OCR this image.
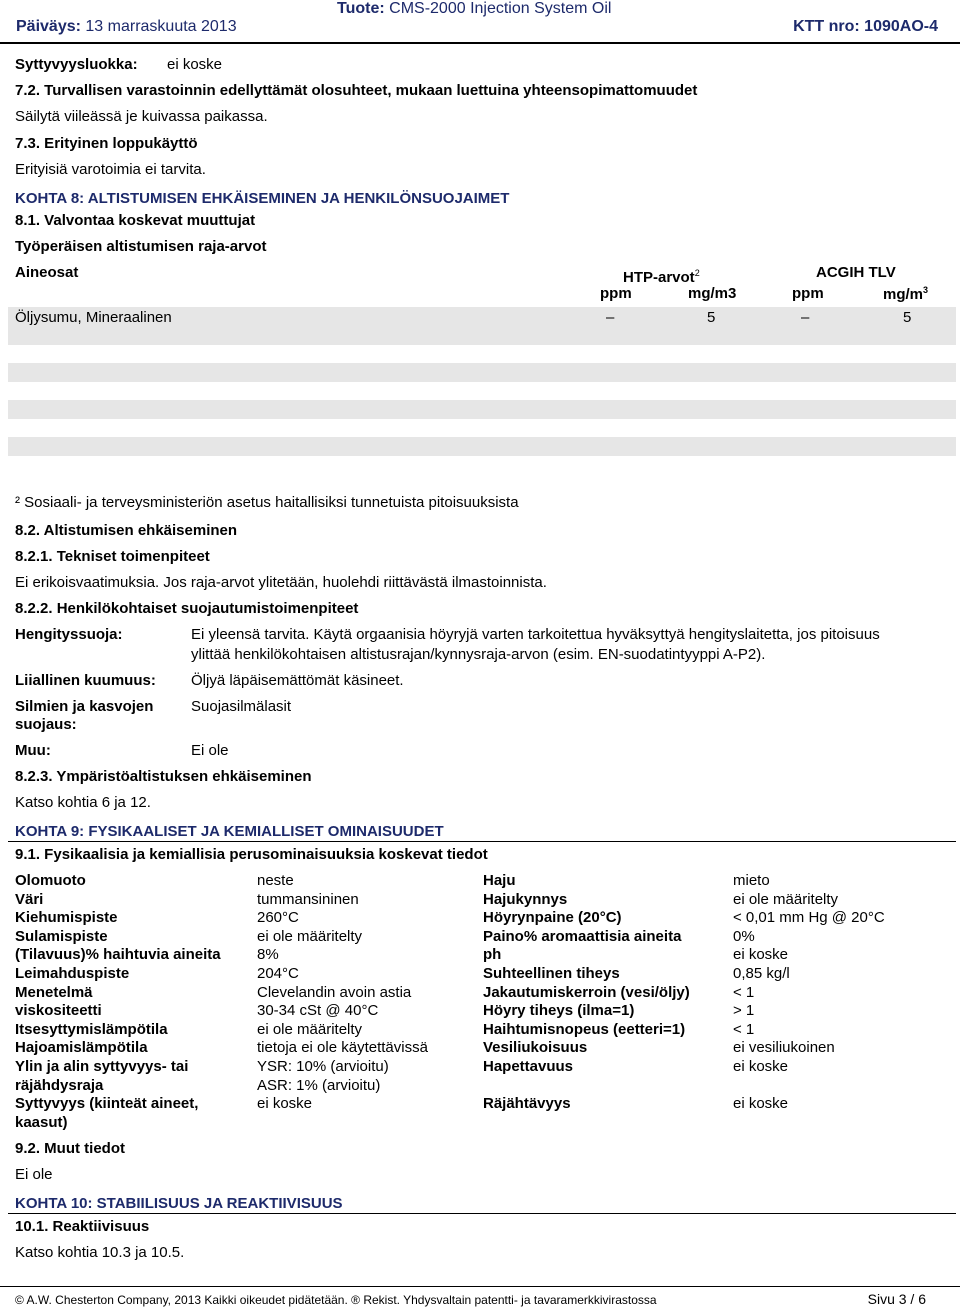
Päiväys: 13 marraskuuta 2013
Tuote: CMS-2000 Injection System Oil
KTT nro: 1090AO-4
Syttyvyysluokka: ei koske
7.2. Turvallisen varastoinnin edellyttämät olosuhteet, mukaan luettuina yhteensopimattomuudet
Säilytä viileässä je kuivassa paikassa.
7.3. Erityinen loppukäyttö
Erityisiä varotoimia ei tarvita.
KOHTA 8: ALTISTUMISEN EHKÄISEMINEN JA HENKILÖNSUOJAIMET
8.1. Valvontaa koskevat muuttujat
Työperäisen altistumisen raja-arvot
Aineosat	HTP-arvot$^2$	ACGIH TLV
ppm	mg/m3	ppm	$mg/m^3$
Öljysumu, Mineraalinen	–	5	–	5
² Sosiaali- ja terveysministeriön asetus haitallisiksi tunnetuista pitoisuuksista
8.2. Altistumisen ehkäiseminen
8.2.1. Tekniset toimenpiteet
Ei erikoisvaatimuksia. Jos raja-arvot ylitetään, huolehdi riittävästä ilmastoinnista.
8.2.2. Henkilökohtaiset suojautumistoimenpiteet
Hengityssuoja:	Ei yleensä tarvita. Käytä orgaanisia höyryjä varten tarkoitettua hyväksyttyä hengityslaitetta, jos pitoisuus
ylittää henkilökohtaisen altistusrajan/kynnysraja-arvon (esim. EN-suodatintyyppi A-P2).
Liiallinen kuumuus: Öljyä läpäisemättömät käsineet.
Silmien ja kasvojen
suojaus:
Suojasilmälasit
Muu:	Ei ole
8.2.3. Ympäristöaltistuksen ehkäiseminen
Katso kohtia 6 ja 12.
KOHTA 9: FYSIKAALISET JA KEMIALLISET OMINAISUUDET
9.1. Fysikaalisia ja kemiallisia perusominaisuuksia koskevat tiedot
Olomuoto	neste
Väri	tummansininen
Kiehumispiste	260°C
Sulamispiste	ei ole määritelty
(Tilavuus)% haihtuvia aineita 8%
Leimahduspiste	204°C
Menetelmä	Clevelandin avoin astia
viskositeetti	30-34 cSt @ 40°C
Itsesyttymislämpötila	ei ole määritelty
Hajoamislämpötila	tietoja ei ole käytettävissä
Ylin ja alin syttyvyys- tai	YSR: 10% (arvioitu)
räjähdysraja	ASR: 1% (arvioitu)
Syttyvyys (kiinteät aineet,	ei koske
kaasut)
Haju	mieto
Hajukynnys	ei ole määritelty
Höyrynpaine (20°C)	< 0,01 mm Hg @ 20°C
Paino% aromaattisia aineita	0%
ph	ei koske
Suhteellinen tiheys	0,85 kg/l
Jakautumiskerroin (vesi/öljy)	< 1
Höyry tiheys (ilma=1)	> 1
Haihtumisnopeus (eetteri=1)	< 1
Vesiliukoisuus	ei vesiliukoinen
Hapettavuus	ei koske
Räjähtävyys	ei koske
9.2. Muut tiedot
Ei ole
KOHTA 10: STABIILISUUS JA REAKTIIVISUUS
10.1. Reaktiivisuus
Katso kohtia 10.3 ja 10.5.
© A.W. Chesterton Company, 2013 Kaikki oikeudet pidätetään. ® Rekist. Yhdysvaltain patentti- ja tavaramerkkivirastossa	Sivu 3 / 6
